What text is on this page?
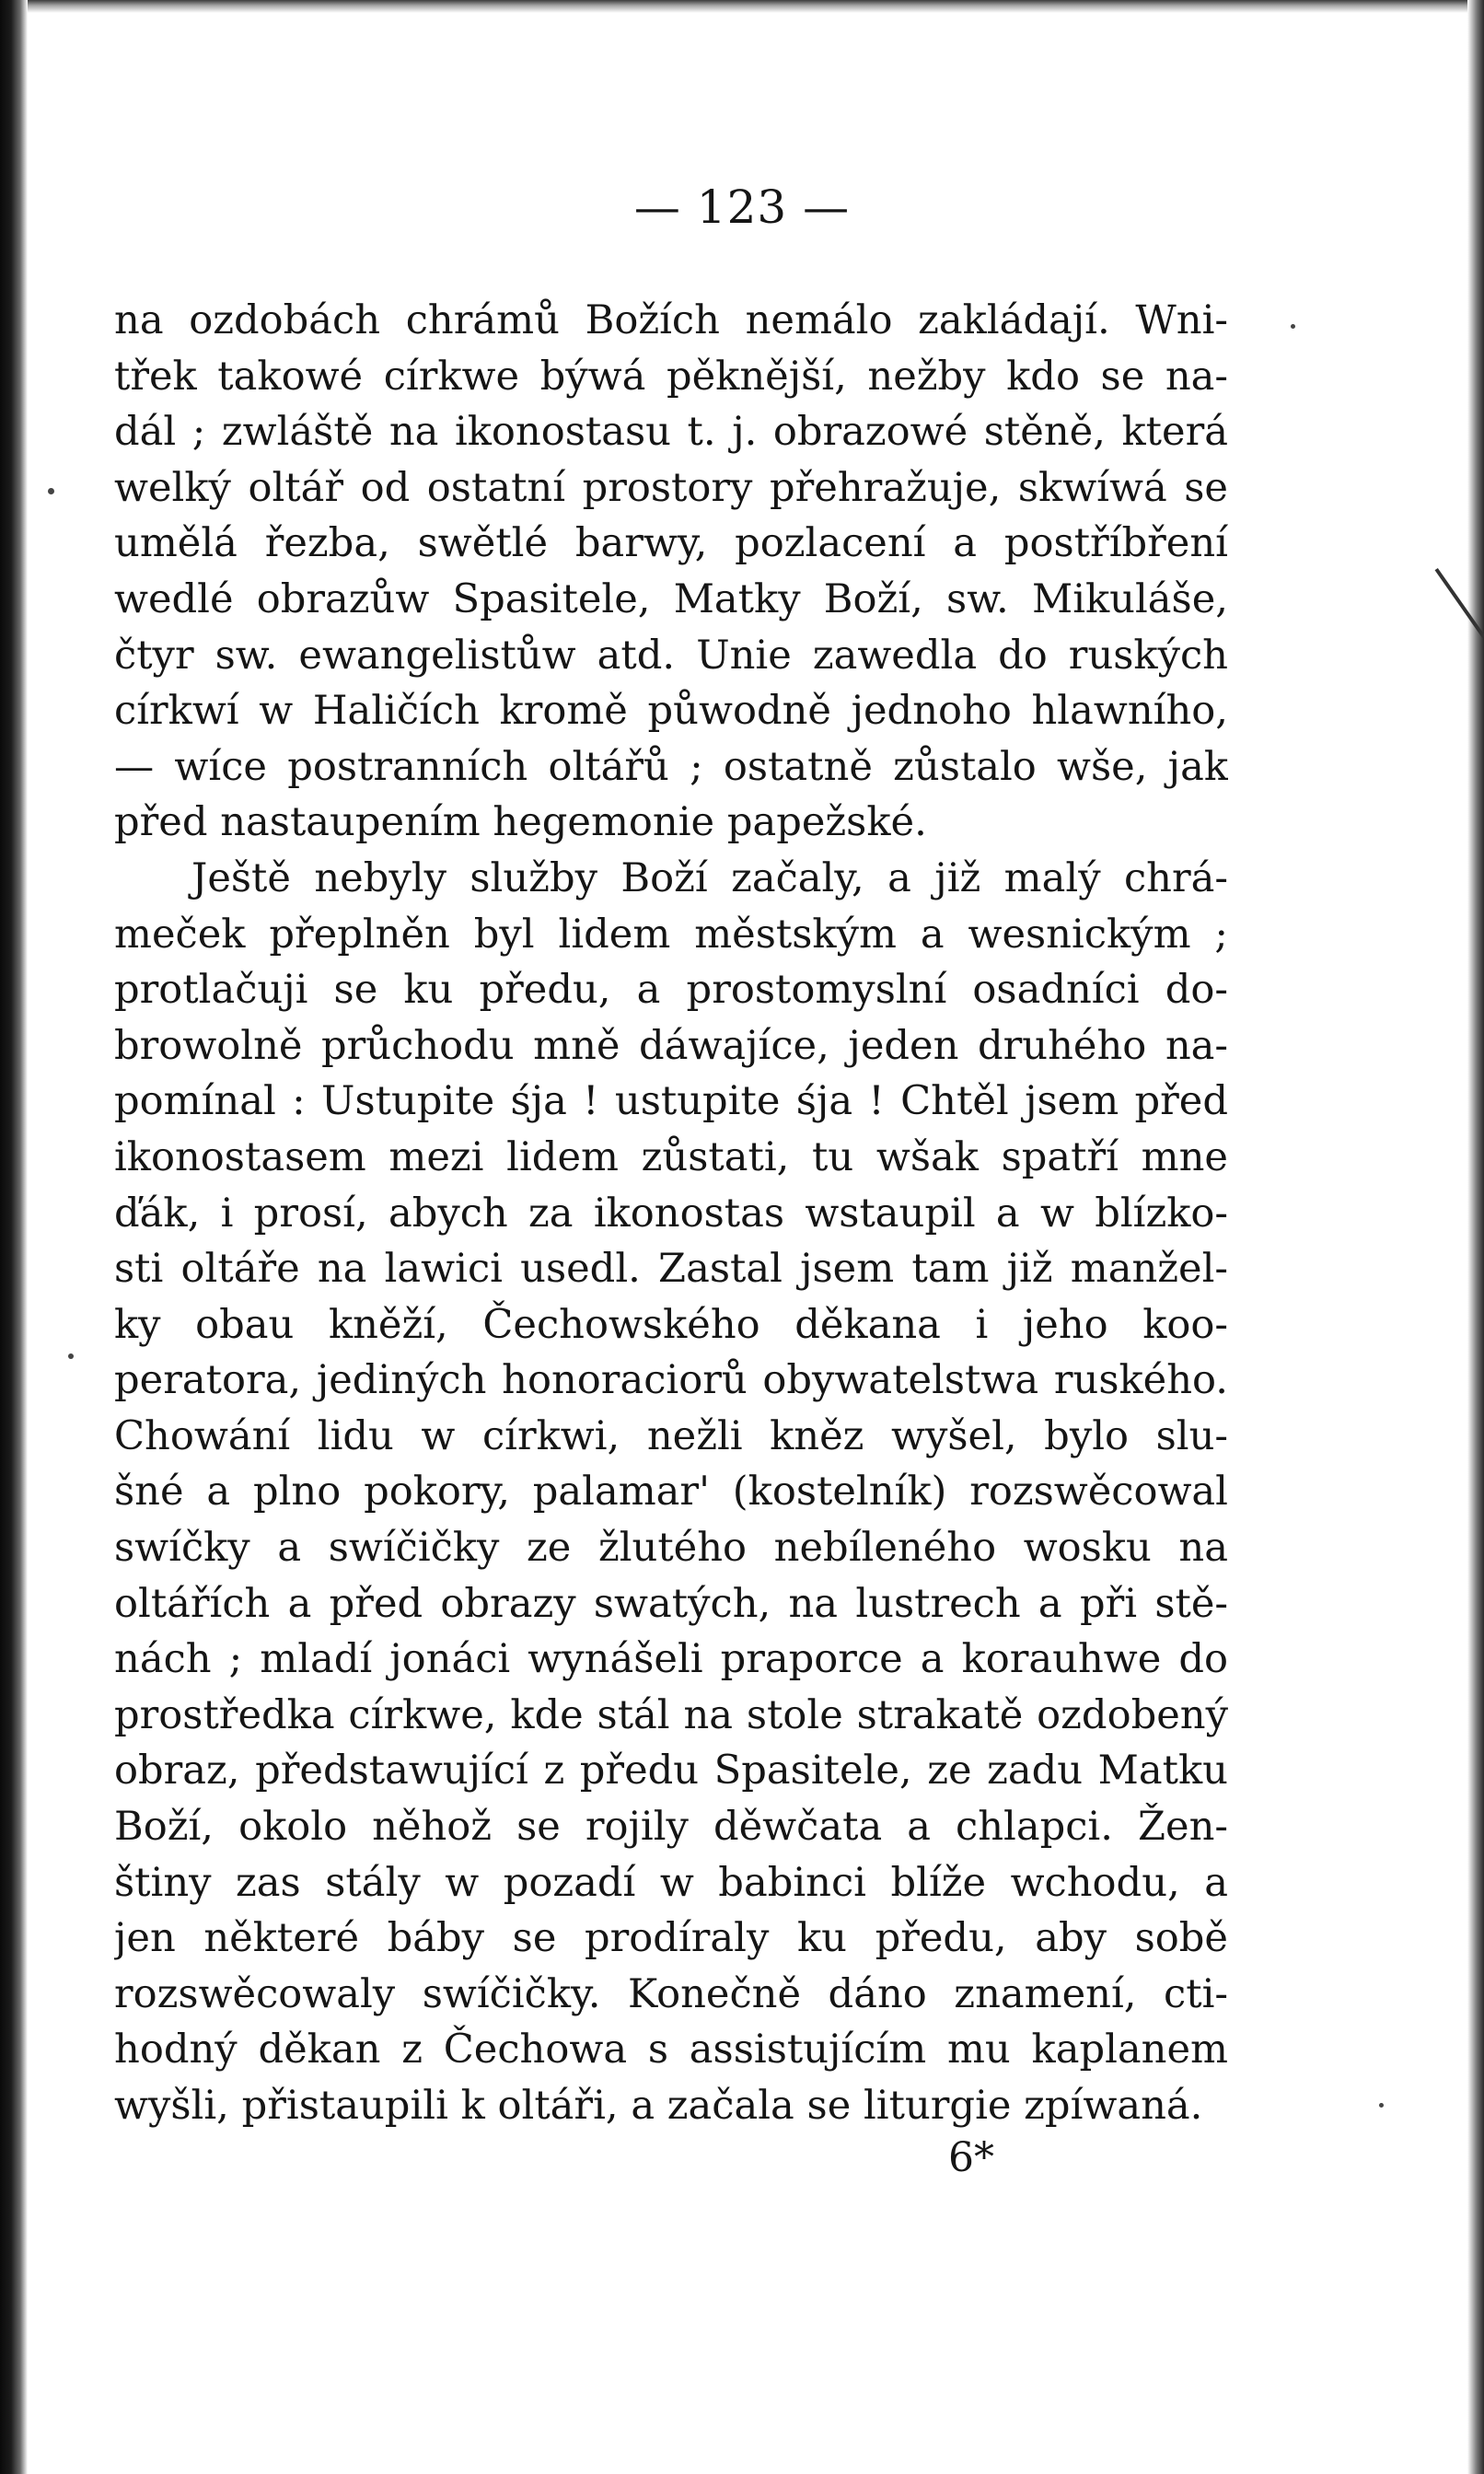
— 123 —
na ozdobách chrámů Božích nemálo zakládají. Wni-
třek takowé církwe býwá pěknější, nežby kdo se na-
dál ; zwláště na ikonostasu t. j. obrazowé stěně, která
welký oltář od ostatní prostory přehražuje, skwíwá se
umělá řezba, swětlé barwy, pozlacení a postříbření
wedlé obrazůw Spasitele, Matky Boží, sw. Mikuláše,
čtyr sw. ewangelistůw atd. Unie zawedla do ruských
církwí w Haličích kromě půwodně jednoho hlawního,
— wíce postranních oltářů ; ostatně zůstalo wše, jak
před nastaupením hegemonie papežské.
Ještě nebyly služby Boží začaly, a již malý chrá-
meček přeplněn byl lidem městským a wesnickým ;
protlačuji se ku předu, a prostomyslní osadníci do-
browolně průchodu mně dáwajíce, jeden druhého na-
pomínal : Ustupite śja ! ustupite śja ! Chtěl jsem před
ikonostasem mezi lidem zůstati, tu wšak spatří mne
ďák, i prosí, abych za ikonostas wstaupil a w blízko-
sti oltáře na lawici usedl. Zastal jsem tam již manžel-
ky obau kněží, Čechowského děkana i jeho koo-
peratora, jediných honoraciorů obywatelstwa ruského.
Chowání lidu w církwi, nežli kněz wyšel, bylo slu-
šné a plno pokory, palamar' (kostelník) rozswěcowal
swíčky a swíčičky ze žlutého nebíleného wosku na
oltářích a před obrazy swatých, na lustrech a při stě-
nách ; mladí jonáci wynášeli praporce a korauhwe do
prostředka církwe, kde stál na stole strakatě ozdobený
obraz, předstawující z předu Spasitele, ze zadu Matku
Boží, okolo něhož se rojily děwčata a chlapci. Žen-
štiny zas stály w pozadí w babinci blíže wchodu, a
jen některé báby se prodíraly ku předu, aby sobě
rozswěcowaly swíčičky. Konečně dáno znamení, cti-
hodný děkan z Čechowa s assistujícím mu kaplanem
wyšli, přistaupili k oltáři, a začala se liturgie zpíwaná.
6*
